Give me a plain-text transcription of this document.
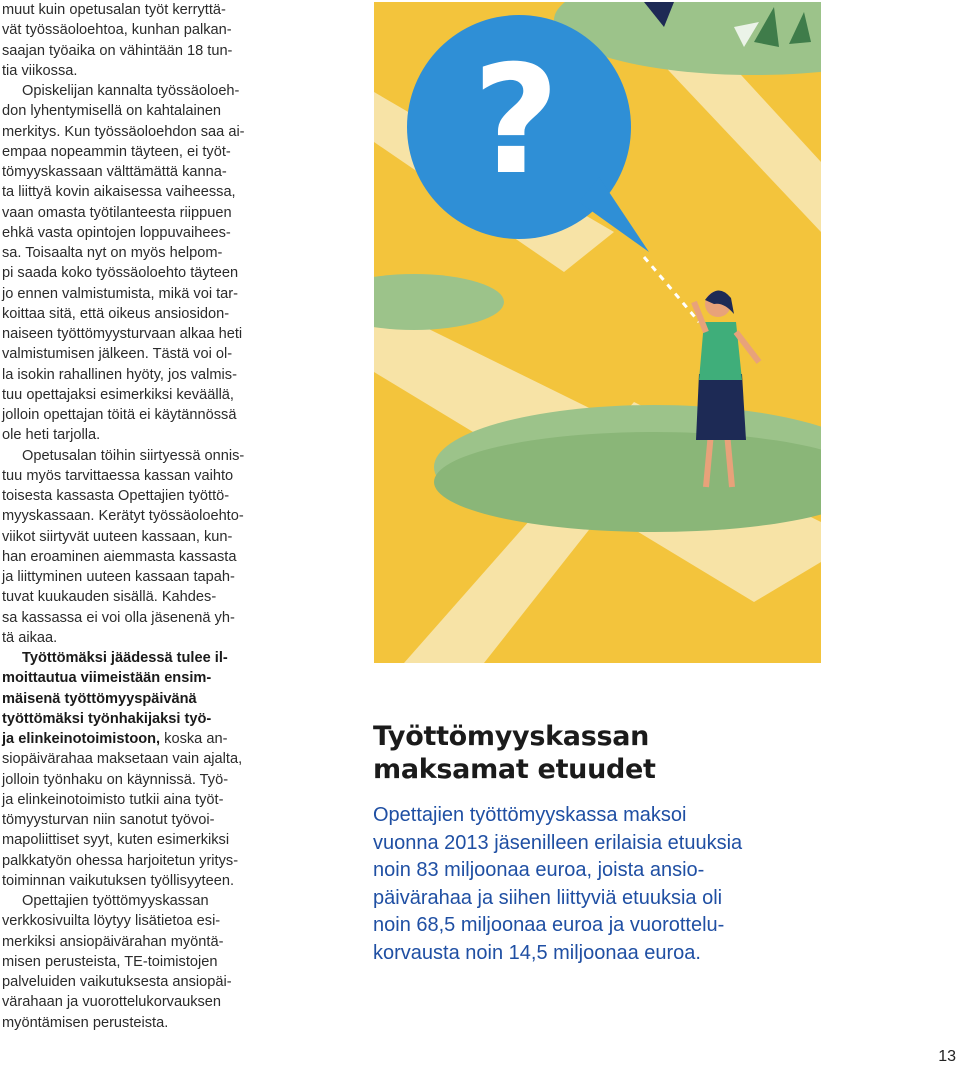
muut kuin opetusalan työt kerryttä-
vät työssäoloehtoa, kunhan palkan-
saajan työaika on vähintään 18 tun-
tia viikossa.

Opiskelijan kannalta työssäoloeh-
don lyhentymisellä on kahtalainen
merkitys. Kun työssäoloehdon saa ai-
empaa nopeammin täyteen, ei työt-
tömyyskassaan välttämättä kanna-
ta liittyä kovin aikaisessa vaiheessa,
vaan omasta työtilanteesta riippuen
ehkä vasta opintojen loppuvaihees-
sa. Toisaalta nyt on myös helpom-
pi saada koko työssäoloehto täyteen
jo ennen valmistumista, mikä voi tar-
koittaa sitä, että oikeus ansiosidon-
naiseen työttömyysturvaan alkaa heti
valmistumisen jälkeen. Tästä voi ol-
la isokin rahallinen hyöty, jos valmis-
tuu opettajaksi esimerkiksi keväällä,
jolloin opettajan töitä ei käytännössä
ole heti tarjolla.

Opetusalan töihin siirtyessä onnis-
tuu myös tarvittaessa kassan vaihto
toisesta kassasta Opettajien työttö-
myyskassaan. Kerätyt työssäoloehto-
viikot siirtyvät uuteen kassaan, kun-
han eroaminen aiemmasta kassasta
ja liittyminen uuteen kassaan tapah-
tuvat kuukauden sisällä. Kahdes-
sa kassassa ei voi olla jäsenenä yh-
tä aikaa.

Työttömäksi jäädessä tulee il-
moittautua viimeistään ensim-
mäisenä työttömyyspäivänä
työttömäksi työnhakijaksi työ-
ja elinkeinotoimistoon, koska an-
siopäivärahaa maksetaan vain ajalta,
jolloin työnhaku on käynnissä. Työ-
ja elinkeinotoimisto tutkii aina työt-
tömyysturvan niin sanotut työvoi-
mapoliittiset syyt, kuten esimerkiksi
palkkatyön ohessa harjoitetun yritys-
toiminnan vaikutuksen työllisyyteen.

Opettajien työttömyyskassan
verkkosivuilta löytyy lisätietoa esi-
merkiksi ansiopäivärahan myöntä-
misen perusteista, TE-toimistojen
palveluiden vaikutuksesta ansiopäi-
värahaan ja vuorottelukorvauksen
myöntämisen perusteista.

?
Työttömyyskassan
maksamat etuudet

Opettajien työttömyyskassa maksoi
vuonna 2013 jäsenilleen erilaisia etuuksia
noin 83 miljoonaa euroa, joista ansio-
päivärahaa ja siihen liittyviä etuuksia oli
noin 68,5 miljoonaa euroa ja vuorottelu-
korvausta noin 14,5 miljoonaa euroa.

13
